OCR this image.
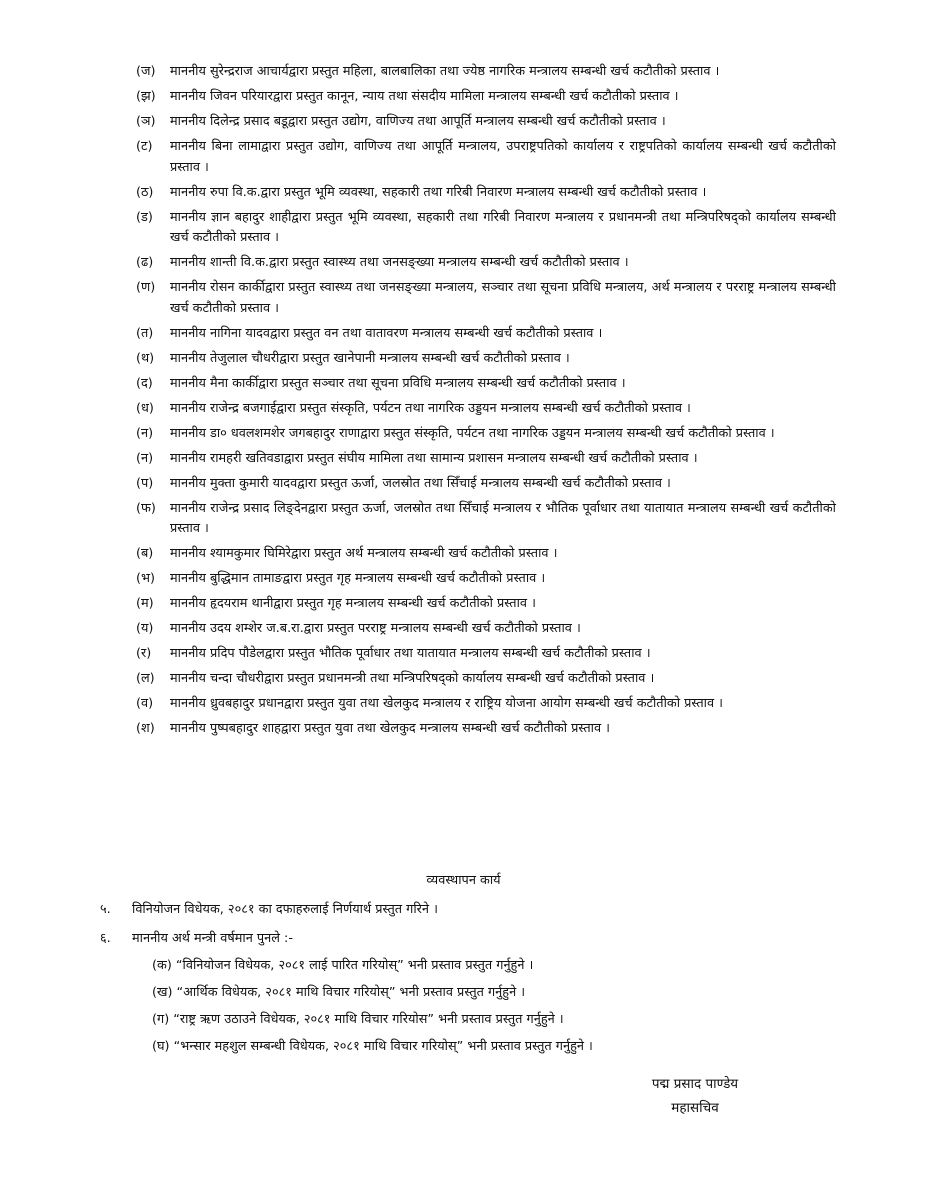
(ज)	माननीय सुरेन्द्रराज आचार्यद्वारा प्रस्तुत महिला, बालबालिका तथा ज्येष्ठ नागरिक मन्त्रालय सम्बन्धी खर्च कटौतीको प्रस्ताव ।
(झ)	माननीय जिवन परियारद्वारा प्रस्तुत कानून, न्याय तथा संसदीय मामिला मन्त्रालय सम्बन्धी खर्च कटौतीको प्रस्ताव ।
(ञ)	माननीय दिलेन्द्र प्रसाद बडूद्वारा प्रस्तुत उद्योग, वाणिज्य तथा आपूर्ति मन्त्रालय सम्बन्धी खर्च कटौतीको प्रस्ताव ।
(ट)	माननीय बिना लामाद्वारा प्रस्तुत उद्योग, वाणिज्य तथा आपूर्ति मन्त्रालय, उपराष्ट्रपतिको कार्यालय र राष्ट्रपतिको कार्यालय सम्बन्धी खर्च कटौतीको प्रस्ताव ।
(ठ)	माननीय रुपा वि.क.द्वारा प्रस्तुत भूमि व्यवस्था, सहकारी तथा गरिबी निवारण मन्त्रालय सम्बन्धी खर्च कटौतीको प्रस्ताव ।
(ड)	माननीय ज्ञान बहादुर शाहीद्वारा प्रस्तुत भूमि व्यवस्था, सहकारी तथा गरिबी निवारण मन्त्रालय र प्रधानमन्त्री तथा मन्त्रिपरिषद्को कार्यालय सम्बन्धी खर्च कटौतीको प्रस्ताव ।
(ढ)	माननीय शान्ती वि.क.द्वारा प्रस्तुत स्वास्थ्य तथा जनसङ्ख्या मन्त्रालय सम्बन्धी खर्च कटौतीको प्रस्ताव ।
(ण)	माननीय रोसन कार्कीद्वारा प्रस्तुत स्वास्थ्य तथा जनसङ्ख्या मन्त्रालय, सञ्चार तथा सूचना प्रविधि मन्त्रालय, अर्थ मन्त्रालय र परराष्ट्र मन्त्रालय सम्बन्धी खर्च कटौतीको प्रस्ताव ।
(त)	माननीय नागिना यादवद्वारा प्रस्तुत वन तथा वातावरण मन्त्रालय सम्बन्धी खर्च कटौतीको प्रस्ताव ।
(थ)	माननीय तेजुलाल चौधरीद्वारा प्रस्तुत खानेपानी मन्त्रालय सम्बन्धी खर्च कटौतीको प्रस्ताव ।
(द)	माननीय मैना कार्कीद्वारा प्रस्तुत सञ्चार तथा सूचना प्रविधि मन्त्रालय सम्बन्धी खर्च कटौतीको प्रस्ताव ।
(ध)	माननीय राजेन्द्र बजगाईद्वारा प्रस्तुत संस्कृति, पर्यटन तथा नागरिक उड्डयन मन्त्रालय सम्बन्धी खर्च कटौतीको प्रस्ताव ।
(न)	माननीय डा० धवलशमशेर जगबहादुर राणाद्वारा प्रस्तुत संस्कृति, पर्यटन तथा नागरिक उड्डयन मन्त्रालय सम्बन्धी खर्च कटौतीको प्रस्ताव ।
(न)	माननीय रामहरी खतिवडाद्वारा प्रस्तुत संघीय मामिला तथा सामान्य प्रशासन मन्त्रालय सम्बन्धी खर्च कटौतीको प्रस्ताव ।
(प)	माननीय मुक्ता कुमारी यादवद्वारा प्रस्तुत ऊर्जा, जलस्रोत तथा सिँचाई मन्त्रालय सम्बन्धी खर्च कटौतीको प्रस्ताव ।
(फ)	माननीय राजेन्द्र प्रसाद लिङ्देनद्वारा प्रस्तुत ऊर्जा, जलस्रोत तथा सिँचाई मन्त्रालय र भौतिक पूर्वाधार तथा यातायात मन्त्रालय सम्बन्धी खर्च कटौतीको प्रस्ताव ।
(ब)	माननीय श्यामकुमार घिमिरेद्वारा प्रस्तुत अर्थ मन्त्रालय सम्बन्धी खर्च कटौतीको प्रस्ताव ।
(भ)	माननीय बुद्धिमान तामाङद्वारा प्रस्तुत गृह मन्त्रालय सम्बन्धी खर्च कटौतीको प्रस्ताव ।
(म)	माननीय हृदयराम थानीद्वारा प्रस्तुत गृह मन्त्रालय सम्बन्धी खर्च कटौतीको प्रस्ताव ।
(य)	माननीय उदय शम्शेर ज.ब.रा.द्वारा प्रस्तुत परराष्ट्र मन्त्रालय सम्बन्धी खर्च कटौतीको प्रस्ताव ।
(र)	माननीय प्रदिप पौडेलद्वारा प्रस्तुत भौतिक पूर्वाधार तथा यातायात मन्त्रालय सम्बन्धी खर्च कटौतीको प्रस्ताव ।
(ल)	माननीय चन्दा चौधरीद्वारा प्रस्तुत प्रधानमन्त्री तथा मन्त्रिपरिषद्को कार्यालय सम्बन्धी खर्च कटौतीको प्रस्ताव ।
(व)	माननीय ध्रुवबहादुर प्रधानद्वारा प्रस्तुत युवा तथा खेलकुद मन्त्रालय र राष्ट्रिय योजना आयोग सम्बन्धी खर्च कटौतीको प्रस्ताव ।
(श)	माननीय पुष्पबहादुर शाहद्वारा प्रस्तुत युवा तथा खेलकुद मन्त्रालय सम्बन्धी खर्च कटौतीको प्रस्ताव ।
व्यवस्थापन कार्य
५.	विनियोजन विधेयक, २०८१ का दफाहरुलाई निर्णयार्थ प्रस्तुत गरिने ।
६.	माननीय अर्थ मन्त्री वर्षमान पुनले :-
(क) “विनियोजन विधेयक, २०८१ लाई पारित गरियोस्” भनी प्रस्ताव प्रस्तुत गर्नुहुने ।
(ख) “आर्थिक विधेयक, २०८१ माथि विचार गरियोस्” भनी प्रस्ताव प्रस्तुत गर्नुहुने ।
(ग) “राष्ट्र ऋण उठाउने विधेयक, २०८१ माथि विचार गरियोस” भनी प्रस्ताव प्रस्तुत गर्नुहुने ।
(घ) “भन्सार महशुल सम्बन्धी विधेयक, २०८१ माथि विचार गरियोस्” भनी प्रस्ताव प्रस्तुत गर्नुहुने ।
पद्म प्रसाद पाण्डेय
महासचिव
